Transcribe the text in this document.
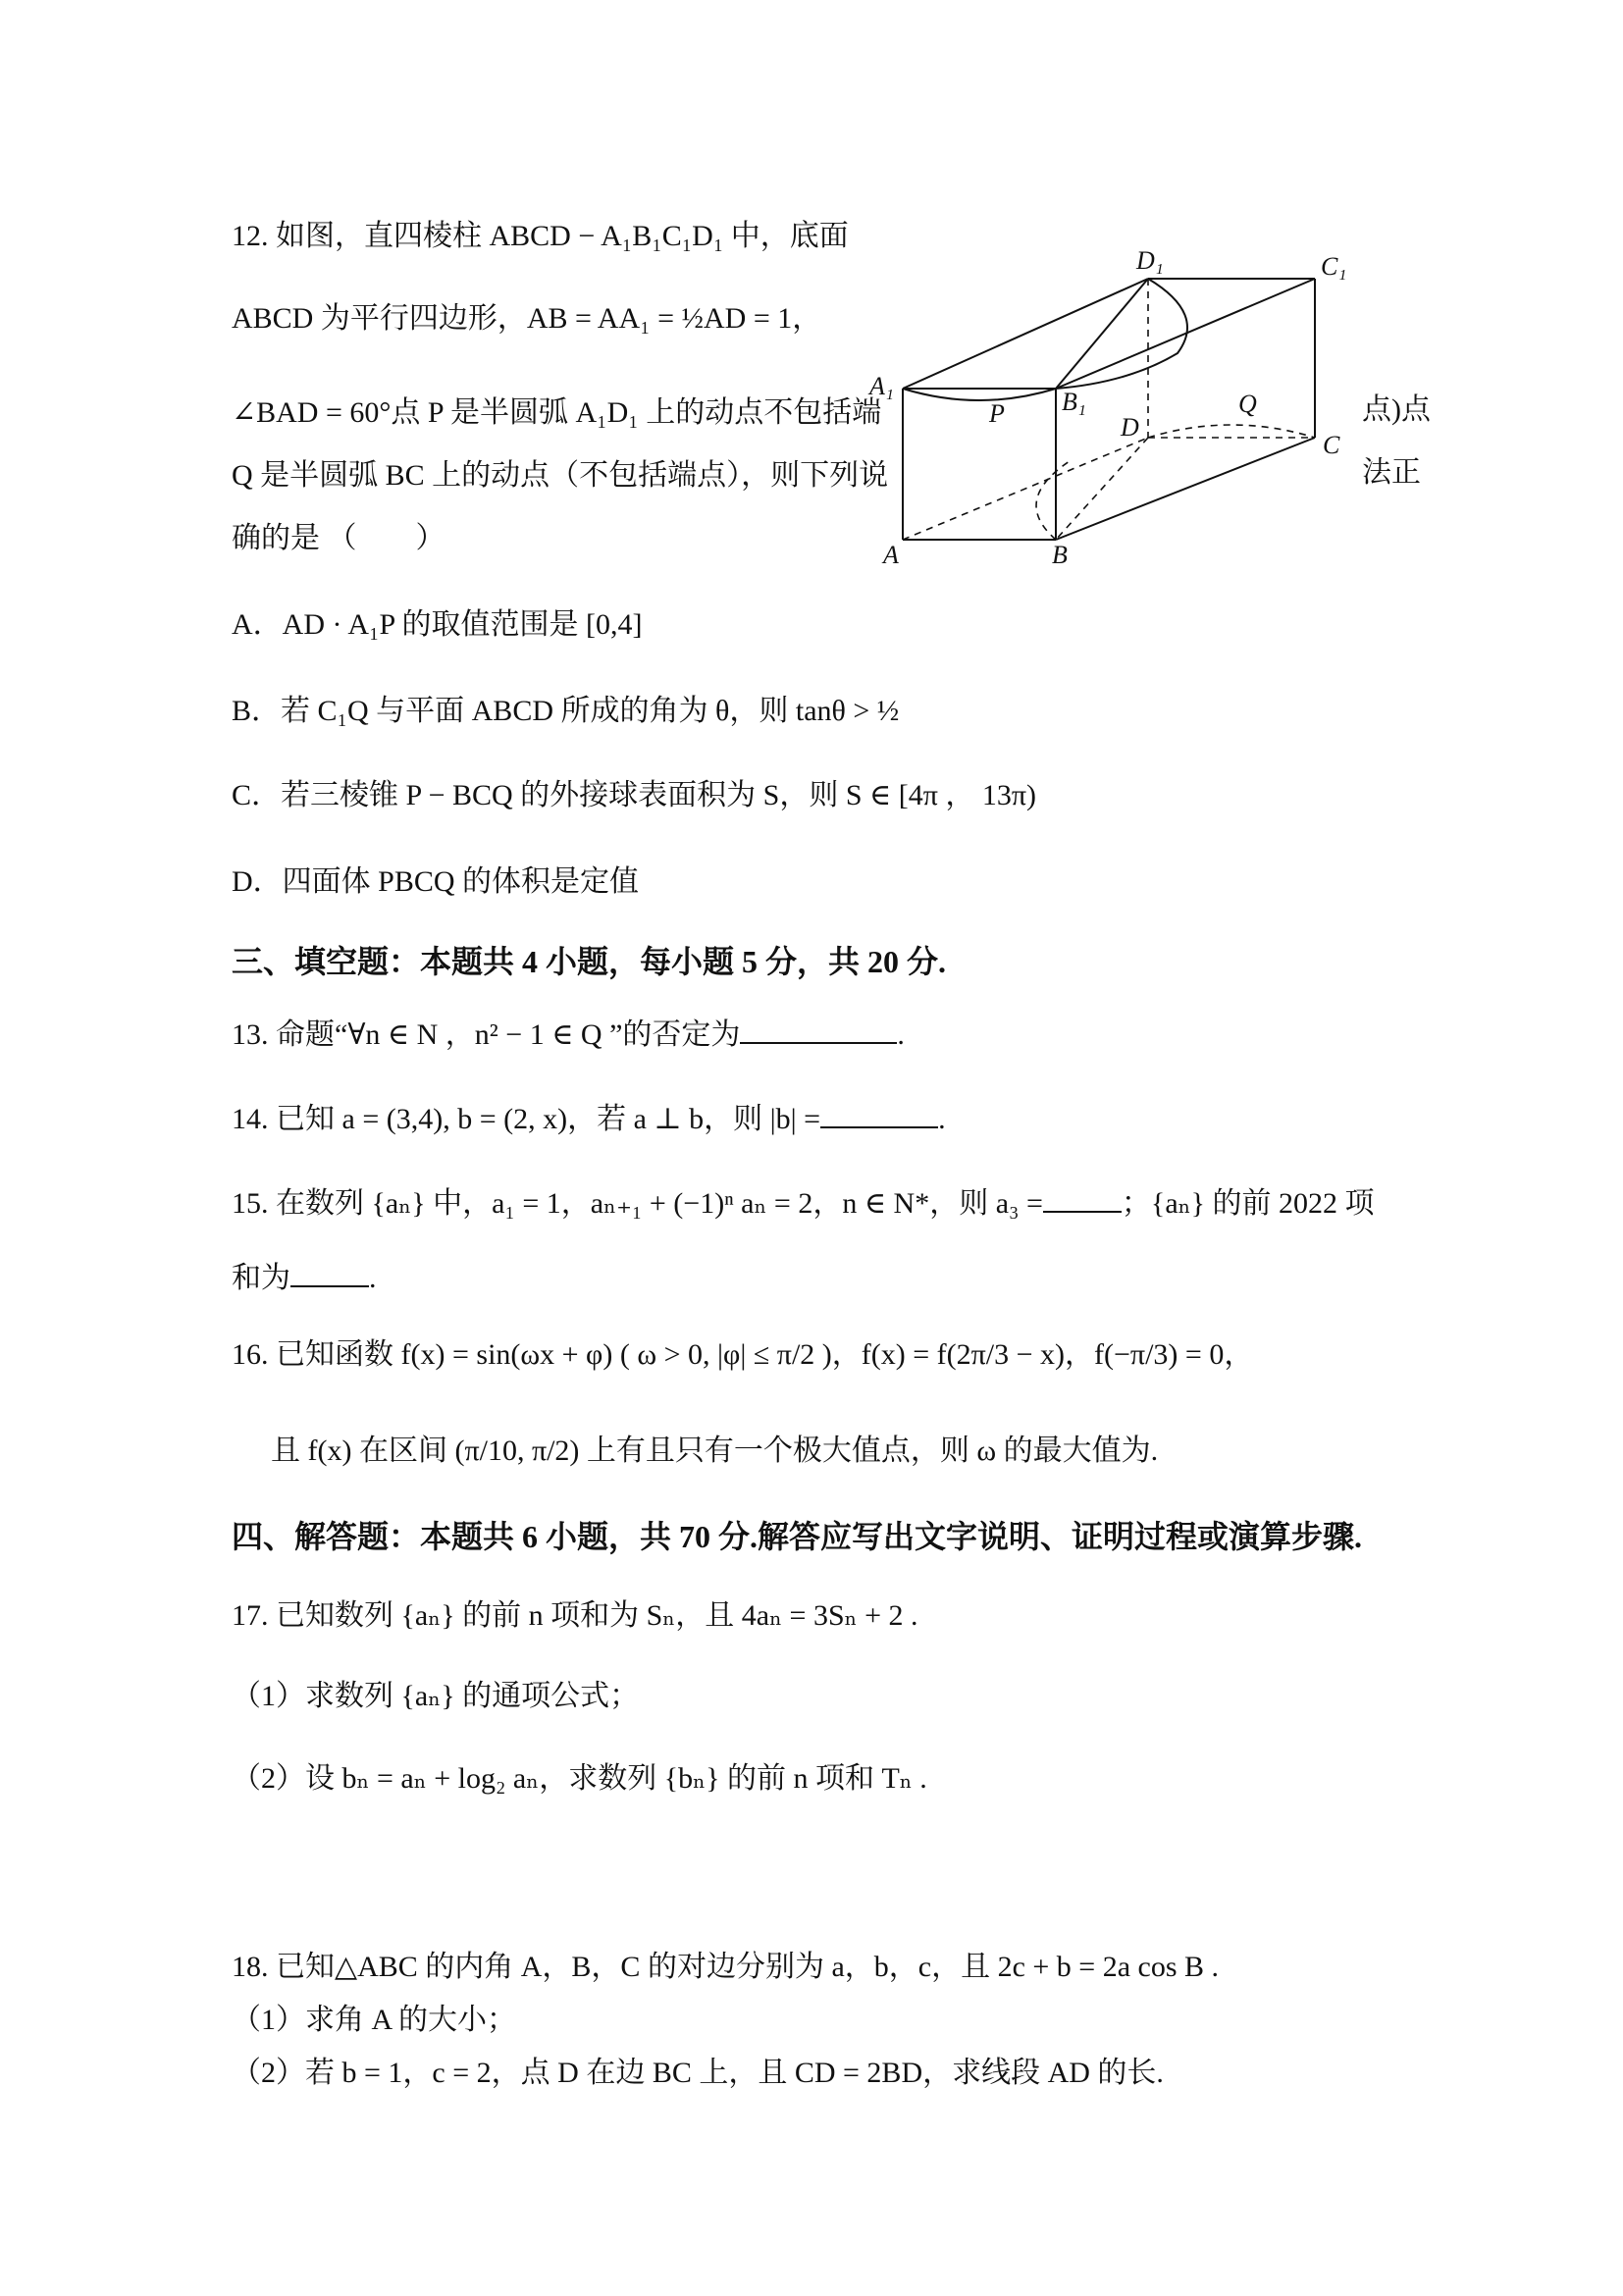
12. 如图，直四棱柱 ABCD − A₁B₁C₁D₁ 中，底面
ABCD 为平行四边形，AB = AA₁ = ½AD = 1，
∠BAD = 60°点 P 是半圆弧 A₁D₁ 上的动点不包括端
Q 是半圆弧 BC 上的动点（不包括端点），则下列说
确的是 （　　）
点)点
法正
D₁	C₁
A₁
B₁
P	Q
D
C
A	B
A．AD · A₁P 的取值范围是 [0,4]
B．若 C₁Q 与平面 ABCD 所成的角为 θ，则 tanθ > ½
C．若三棱锥 P − BCQ 的外接球表面积为 S，则 S ∈ [4π ， 13π)
D．四面体 PBCQ 的体积是定值
三、填空题：本题共 4 小题，每小题 5 分，共 20 分.
13. 命题“∀n ∈ N ，n² − 1 ∈ Q ”的否定为	.
14. 已知 a = (3,4), b = (2, x)，若 a ⊥ b，则 |b| =	.
15. 在数列 {aₙ} 中，a₁ = 1，aₙ₊₁ + (−1)ⁿ aₙ = 2，n ∈ N*，则 a₃ =	；{aₙ} 的前 2022 项
和为	.
16. 已知函数 f(x) = sin(ωx + φ) ( ω > 0, |φ| ≤ π/2 )，f(x) = f(2π/3 − x)，f(−π/3) = 0，
且 f(x) 在区间 (π/10, π/2) 上有且只有一个极大值点，则 ω 的最大值为.
四、解答题：本题共 6 小题，共 70 分.解答应写出文字说明、证明过程或演算步骤.
17. 已知数列 {aₙ} 的前 n 项和为 Sₙ，且 4aₙ = 3Sₙ + 2 .
（1）求数列 {aₙ} 的通项公式；
（2）设 bₙ = aₙ + log₂ aₙ，求数列 {bₙ} 的前 n 项和 Tₙ .
18. 已知△ABC 的内角 A，B，C 的对边分别为 a，b，c，且 2c + b = 2a cos B .
（1）求角 A 的大小；
（2）若 b = 1，c = 2，点 D 在边 BC 上，且 CD = 2BD，求线段 AD 的长.
